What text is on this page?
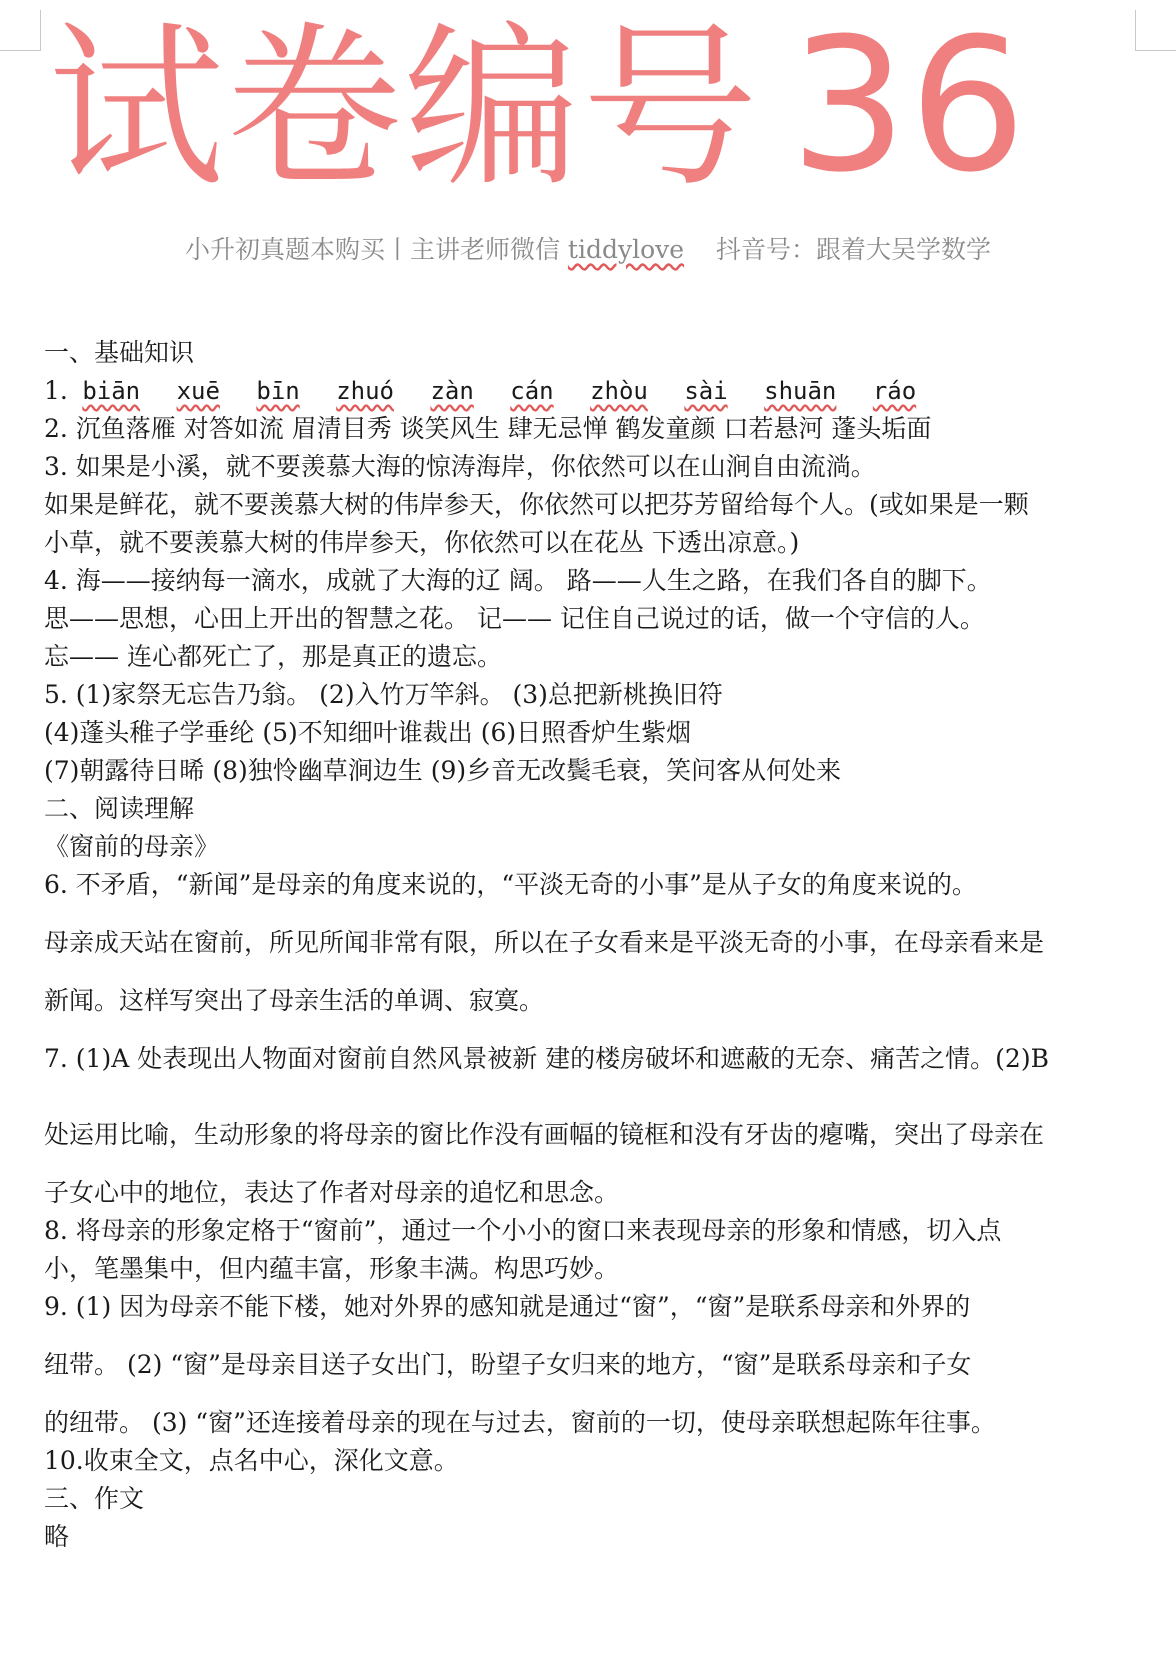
试卷编号 36
小升初真题本购买丨主讲老师微信 tiddylove 抖音号：跟着大吴学数学
一、基础知识
1. biān xuē bīn zhuó zàn cán zhòu sài shuān ráo
2. 沉鱼落雁 对答如流 眉清目秀 谈笑风生 肆无忌惮 鹤发童颜 口若悬河 蓬头垢面
3. 如果是小溪，就不要羡慕大海的惊涛海岸，你依然可以在山涧自由流淌。
如果是鲜花，就不要羡慕大树的伟岸参天，你依然可以把芬芳留给每个人。(或如果是一颗
小草，就不要羡慕大树的伟岸参天，你依然可以在花丛 下透出凉意。)
4. 海——接纳每一滴水，成就了大海的辽 阔。 路——人生之路，在我们各自的脚下。
思——思想，心田上开出的智慧之花。 记—— 记住自己说过的话，做一个守信的人。
忘—— 连心都死亡了，那是真正的遗忘。
5. (1)家祭无忘告乃翁。 (2)入竹万竿斜。 (3)总把新桃换旧符
(4)蓬头稚子学垂纶 (5)不知细叶谁裁出 (6)日照香炉生紫烟
(7)朝露待日晞 (8)独怜幽草涧边生 (9)乡音无改鬓毛衰，笑问客从何处来
二、阅读理解
《窗前的母亲》
6. 不矛盾，“新闻”是母亲的角度来说的，“平淡无奇的小事”是从子女的角度来说的。
母亲成天站在窗前，所见所闻非常有限，所以在子女看来是平淡无奇的小事，在母亲看来是
新闻。这样写突出了母亲生活的单调、寂寞。
7. (1)A 处表现出人物面对窗前自然风景被新 建的楼房破坏和遮蔽的无奈、痛苦之情。(2)B
处运用比喻，生动形象的将母亲的窗比作没有画幅的镜框和没有牙齿的瘪嘴，突出了母亲在
子女心中的地位，表达了作者对母亲的追忆和思念。
8. 将母亲的形象定格于“窗前”，通过一个小小的窗口来表现母亲的形象和情感，切入点
小，笔墨集中，但内蕴丰富，形象丰满。构思巧妙。
9. (1) 因为母亲不能下楼，她对外界的感知就是通过“窗”，“窗”是联系母亲和外界的
纽带。 (2) “窗”是母亲目送子女出门，盼望子女归来的地方，“窗”是联系母亲和子女
的纽带。 (3) “窗”还连接着母亲的现在与过去，窗前的一切，使母亲联想起陈年往事。
10.收束全文，点名中心，深化文意。
三、作文
略
